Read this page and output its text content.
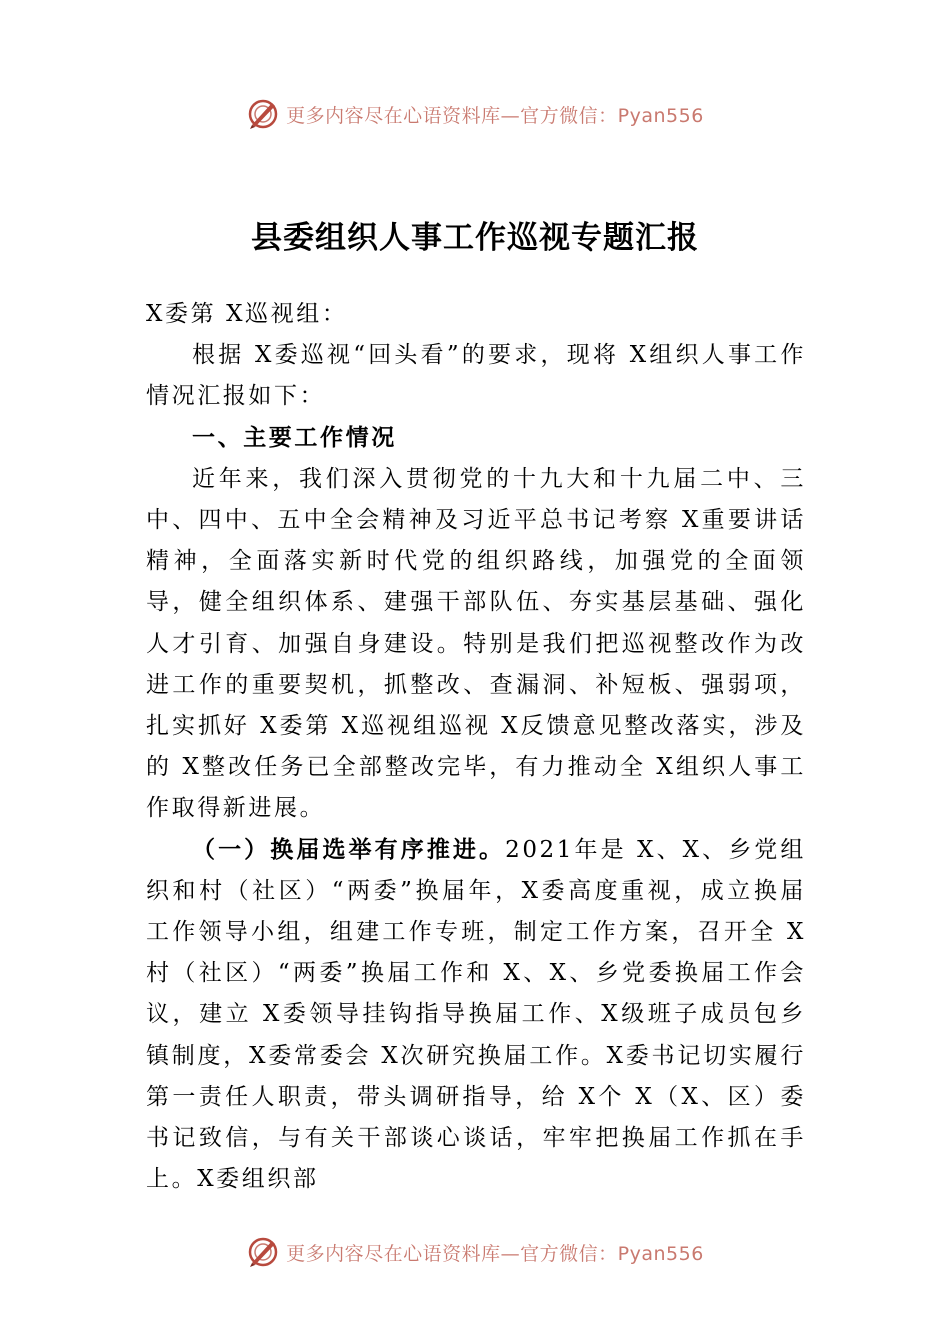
更多内容尽在心语资料库—官方微信：Pyan556
县委组织人事工作巡视专题汇报

X委第 X巡视组：

根据 X委巡视“回头看”的要求，现将 X组织人事工作情况汇报如下：

一、主要工作情况

近年来，我们深入贯彻党的十九大和十九届二中、三中、四中、五中全会精神及习近平总书记考察 X重要讲话精神，全面落实新时代党的组织路线，加强党的全面领导，健全组织体系、建强干部队伍、夯实基层基础、强化人才引育、加强自身建设。特别是我们把巡视整改作为改进工作的重要契机，抓整改、查漏洞、补短板、强弱项，扎实抓好 X委第 X巡视组巡视 X反馈意见整改落实，涉及的 X整改任务已全部整改完毕，有力推动全 X组织人事工作取得新进展。

（一）换届选举有序推进。2021年是 X、X、乡党组织和村（社区）“两委”换届年，X委高度重视，成立换届工作领导小组，组建工作专班，制定工作方案，召开全 X村（社区）“两委”换届工作和 X、X、乡党委换届工作会议，建立 X委领导挂钩指导换届工作、X级班子成员包乡镇制度，X委常委会 X次研究换届工作。X委书记切实履行第一责任人职责，带头调研指导，给 X个 X（X、区）委书记致信，与有关干部谈心谈话，牢牢把换届工作抓在手上。X委组织部

更多内容尽在心语资料库—官方微信：Pyan556
